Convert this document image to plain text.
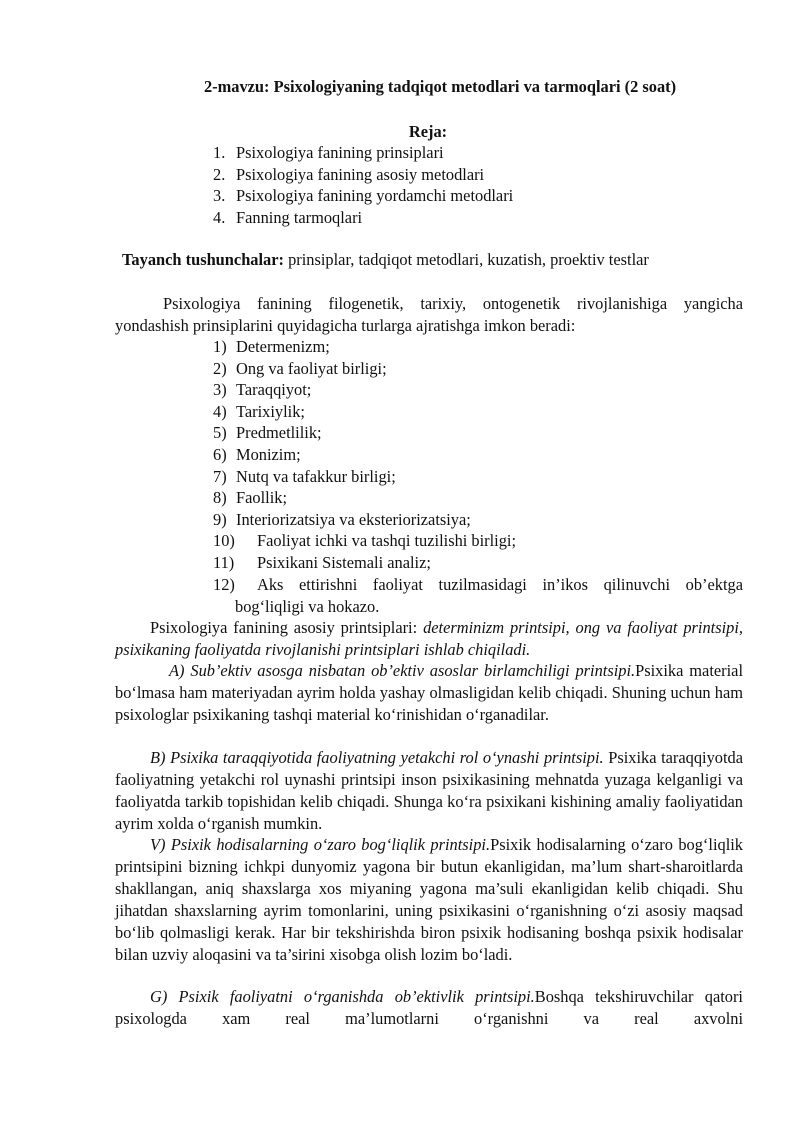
2-mavzu: Psixologiyaning tadqiqot metodlari va tarmoqlari (2 soat)
Reja:
1. Psixologiya fanining prinsiplari
2. Psixologiya fanining asosiy metodlari
3. Psixologiya fanining yordamchi metodlari
4. Fanning tarmoqlari
Tayanch tushunchalar: prinsiplar, tadqiqot metodlari, kuzatish, proektiv testlar

Psixologiya fanining filogenetik, tarixiy, ontogenetik rivojlanishiga yangicha yondashish prinsiplarini quyidagicha turlarga ajratishga imkon beradi:

1) Determenizm;
2) Ong va faoliyat birligi;
3) Taraqqiyot;
4) Tarixiylik;
5) Predmetlilik;
6) Monizim;
7) Nutq va tafakkur birligi;
8) Faollik;
9) Interiorizatsiya va eksteriorizatsiya;
10) Faoliyat ichki va tashqi tuzilishi birligi;
11) Psixikani Sistemali analiz;
12)	Aks ettirishni faoliyat tuzilmasidagi in’ikos qilinuvchi ob’ektga bog‘liqligi va hokazo.

Psixologiya fanining asosiy printsiplari: determinizm printsipi, ong va faoliyat printsipi, psixikaning faoliyatda rivojlanishi printsiplari ishlab chiqiladi.

A) Sub’ektiv asosga nisbatan ob’ektiv asoslar birlamchiligi printsipi.Psixika material bo‘lmasa ham materiyadan ayrim holda yashay olmasligidan kelib chiqadi. Shuning uchun ham psixologlar psixikaning tashqi material ko‘rinishidan o‘rganadilar.

B) Psixika taraqqiyotida faoliyatning yetakchi rol o‘ynashi printsipi. Psixika taraqqiyotda faoliyatning yetakchi rol uynashi printsipi inson psixikasining mehnatda yuzaga kelganligi va faoliyatda tarkib topishidan kelib chiqadi. Shunga ko‘ra psixikani kishining amaliy faoliyatidan ayrim xolda o‘rganish mumkin.

V) Psixik hodisalarning o‘zaro bog‘liqlik printsipi.Psixik hodisalarning o‘zaro bog‘liqlik printsipini bizning ichkpi dunyomiz yagona bir butun ekanligidan, ma’lum shart-sharoitlarda shakllangan, aniq shaxslarga xos miyaning yagona ma’suli ekanligidan kelib chiqadi. Shu jihatdan shaxslarning ayrim tomonlarini, uning psixikasini o‘rganishning o‘zi asosiy maqsad bo‘lib qolmasligi kerak. Har bir tekshirishda biron psixik hodisaning boshqa psixik hodisalar bilan uzviy aloqasini va ta’sirini xisobga olish lozim bo‘ladi.

G) Psixik faoliyatni o‘rganishda ob’ektivlik printsipi.Boshqa tekshiruvchilar qatori psixologda xam real ma’lumotlarni o‘rganishni va real axvolni
